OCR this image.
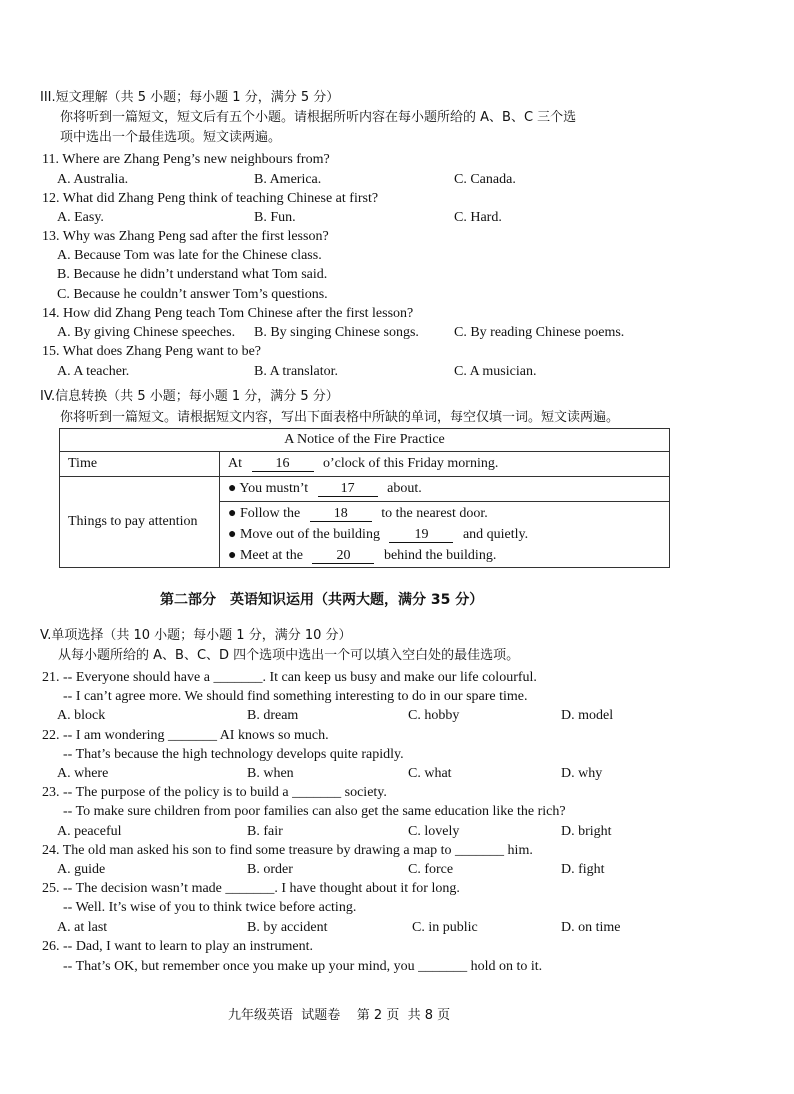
III.短文理解（共 5 小题；每小题 1 分，满分 5 分）
你将听到一篇短文，短文后有五个小题。请根据所听内容在每小题所给的 A、B、C 三个选
项中选出一个最佳选项。短文读两遍。
11. Where are Zhang Peng’s new neighbours from?
A. Australia.	B. America.	C. Canada.
12. What did Zhang Peng think of teaching Chinese at first?
A. Easy.	B. Fun.	C. Hard.
13. Why was Zhang Peng sad after the first lesson?
A. Because Tom was late for the Chinese class.
B. Because he didn’t understand what Tom said.
C. Because he couldn’t answer Tom’s questions.
14. How did Zhang Peng teach Tom Chinese after the first lesson?
A. By giving Chinese speeches. B. By singing Chinese songs.	C. By reading Chinese poems.
15. What does Zhang Peng want to be?
A. A teacher.	B. A translator.	C. A musician.
IV.信息转换（共 5 小题；每小题 1 分，满分 5 分）
你将听到一篇短文。请根据短文内容，写出下面表格中所缺的单词，每空仅填一词。短文读两遍。
A Notice of the Fire Practice	
Time	At 16 o’clock of this Friday morning.
Things to pay attention	● You mustn’t 17 about.

	● Follow the 18 to the nearest door.
● Move out of the building 19 and quietly.
● Meet at the 20 behind the building.
第二部分　英语知识运用（共两大题，满分 35 分）
V.单项选择（共 10 小题；每小题 1 分，满分 10 分）
从每小题所给的 A、B、C、D 四个选项中选出一个可以填入空白处的最佳选项。
21. -- Everyone should have a _______. It can keep us busy and make our life colourful.
-- I can’t agree more. We should find something interesting to do in our spare time.
A. block	B. dream	C. hobby	D. model
22. -- I am wondering _______ AI knows so much.
-- That’s because the high technology develops quite rapidly.
A. where	B. when	C. what	D. why
23. -- The purpose of the policy is to build a _______ society.
-- To make sure children from poor families can also get the same education like the rich?
A. peaceful	B. fair	C. lovely	D. bright
24. The old man asked his son to find some treasure by drawing a map to _______ him.
A. guide	B. order	C. force	D. fight
25. -- The decision wasn’t made _______. I have thought about it for long.
-- Well. It’s wise of you to think twice before acting.
A. at last	B. by accident	C. in public	D. on time
26. -- Dad, I want to learn to play an instrument.
-- That’s OK, but remember once you make up your mind, you _______ hold on to it.
九年级英语  试题卷    第 2 页  共 8 页
